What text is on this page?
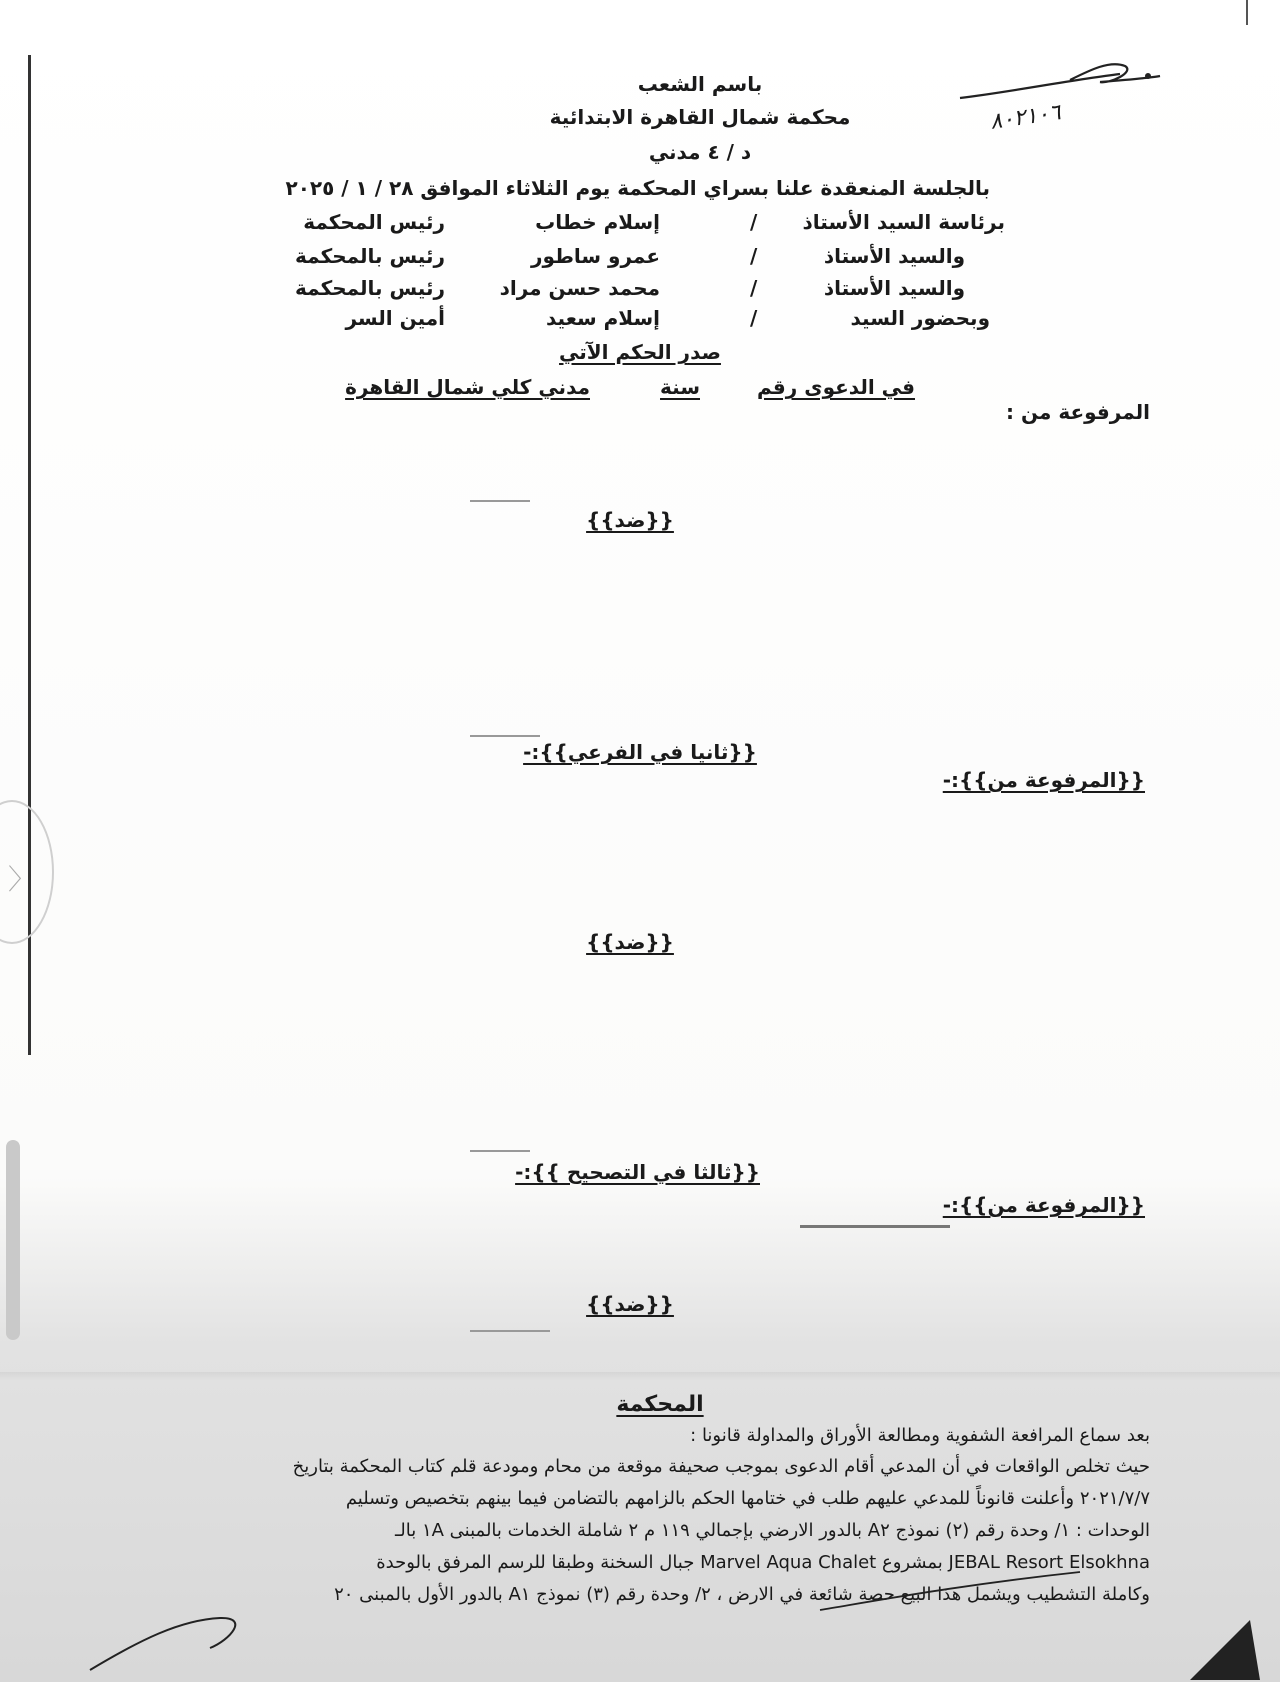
٨٠٢١٠٦
باسم الشعب
محكمة شمال القاهرة الابتدائية
د / ٤ مدني
بالجلسة المنعقدة علنا بسراي المحكمة يوم الثلاثاء الموافق ٢٨ / ١ / ٢٠٢٥
برئاسة السيد الأستاذ
/
إسلام خطاب
رئيس المحكمة
والسيد الأستاذ
/
عمرو ساطور
رئيس بالمحكمة
والسيد الأستاذ
/
محمد حسن مراد
رئيس بالمحكمة
وبحضور السيد
/
إسلام سعيد
أمين السر
صدر الحكم الآتي
في الدعوى رقم
سنة
مدني كلي شمال القاهرة
المرفوعة من :
{{ضد}}
{{ثانيا في الفرعي}}:-
{{المرفوعة من}}:-
{{ضد}}
{{ثالثا في التصحيح }}:-
{{المرفوعة من}}:-
{{ضد}}
المحكمة
بعد سماع المرافعة الشفوية ومطالعة الأوراق والمداولة قانونا :
حيث تخلص الواقعات في أن المدعي أقام الدعوى بموجب صحيفة موقعة من محام ومودعة قلم كتاب المحكمة بتاريخ
٢٠٢١/٧/٧ وأعلنت قانوناً للمدعي عليهم طلب في ختامها الحكم بالزامهم بالتضامن فيما بينهم بتخصيص وتسليم
الوحدات : ١/ وحدة رقم (٢) نموذج A٢ بالدور الارضي بإجمالي ١١٩ م ٢ شاملة الخدمات بالمبنى ١A بالـ
JEBAL Resort Elsokhna بمشروع Marvel Aqua Chalet جبال السخنة وطبقا للرسم المرفق بالوحدة
وكاملة التشطيب ويشمل هذا البيع حصة شائعة في الارض ، ٢/ وحدة رقم (٣) نموذج A١ بالدور الأول بالمبنى ٢٠
〉
